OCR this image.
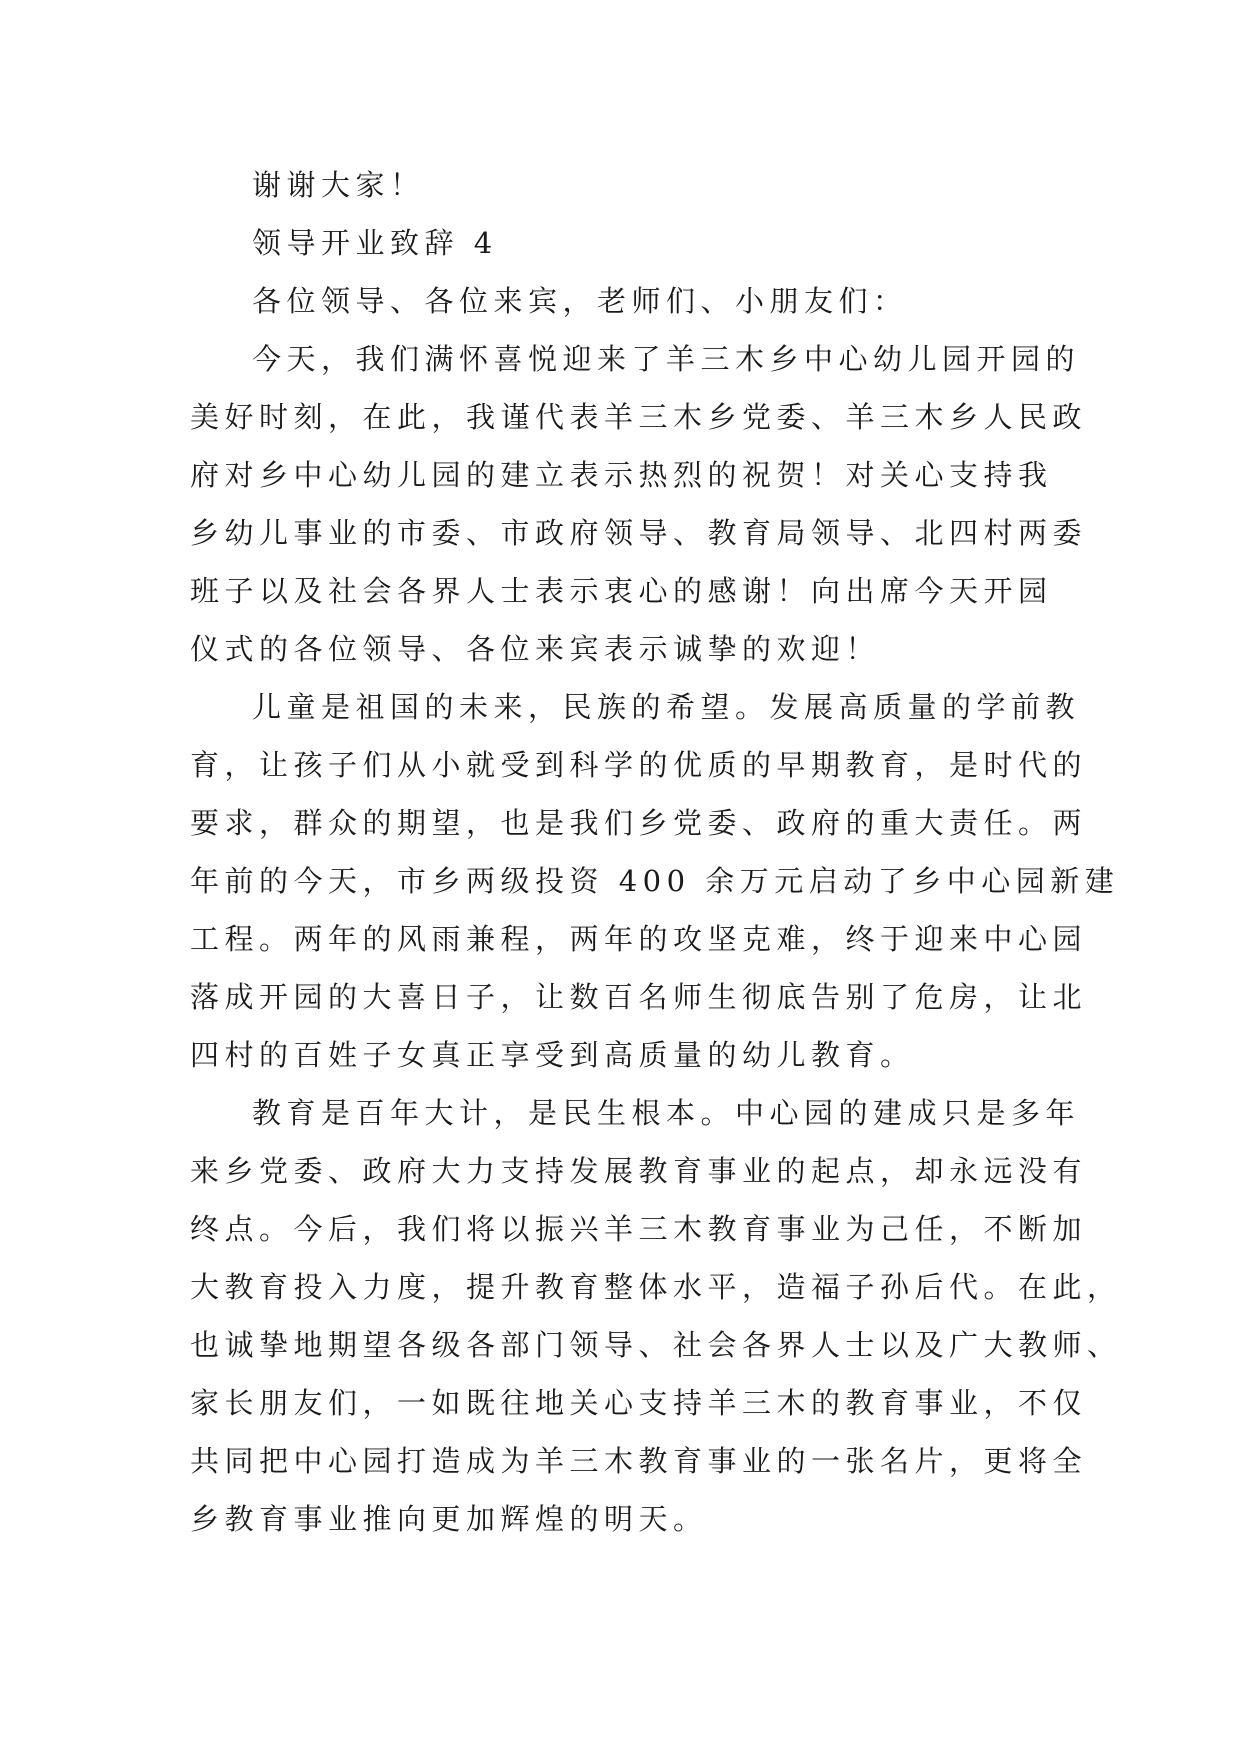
谢谢大家！

领导开业致辞 4

各位领导、各位来宾，老师们、小朋友们：

今天，我们满怀喜悦迎来了羊三木乡中心幼儿园开园的

美好时刻，在此，我谨代表羊三木乡党委、羊三木乡人民政

府对乡中心幼儿园的建立表示热烈的祝贺！对关心支持我

乡幼儿事业的市委、市政府领导、教育局领导、北四村两委

班子以及社会各界人士表示衷心的感谢！向出席今天开园

仪式的各位领导、各位来宾表示诚挚的欢迎！

儿童是祖国的未来，民族的希望。发展高质量的学前教

育，让孩子们从小就受到科学的优质的早期教育，是时代的

要求，群众的期望，也是我们乡党委、政府的重大责任。两

年前的今天，市乡两级投资 400 余万元启动了乡中心园新建

工程。两年的风雨兼程，两年的攻坚克难，终于迎来中心园

落成开园的大喜日子，让数百名师生彻底告别了危房，让北

四村的百姓子女真正享受到高质量的幼儿教育。

教育是百年大计，是民生根本。中心园的建成只是多年

来乡党委、政府大力支持发展教育事业的起点，却永远没有

终点。今后，我们将以振兴羊三木教育事业为己任，不断加

大教育投入力度，提升教育整体水平，造福子孙后代。在此，

也诚挚地期望各级各部门领导、社会各界人士以及广大教师、

家长朋友们，一如既往地关心支持羊三木的教育事业，不仅

共同把中心园打造成为羊三木教育事业的一张名片，更将全

乡教育事业推向更加辉煌的明天。
